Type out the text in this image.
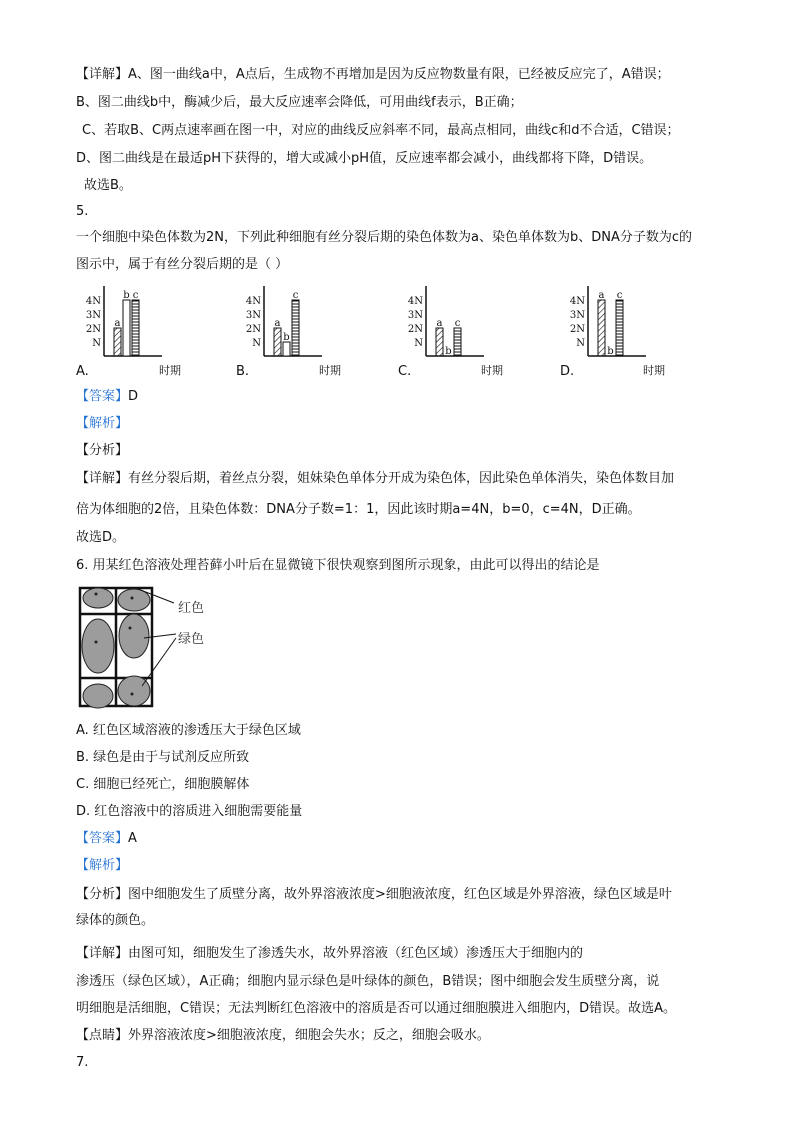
【详解】A、图一曲线a中，A点后，生成物不再增加是因为反应物数量有限，已经被反应完了，A错误；
B、图二曲线b中，酶减少后，最大反应速率会降低，可用曲线f表示，B正确；
C、若取B、C两点速率画在图一中，对应的曲线反应斜率不同，最高点相同，曲线c和d不合适，C错误；
D、图二曲线是在最适pH下获得的，增大或减小pH值，反应速率都会减小，曲线都将下降，D错误。
故选B。
5.
一个细胞中染色体数为2N，下列此种细胞有丝分裂后期的染色体数为a、染色单体数为b、DNA分子数为c的
图示中，属于有丝分裂后期的是（ ）
N
2N
3N
4N
时期
a
b c
N
2N
3N
4N
时期
a
b
c
N
2N
3N
4N
时期
a
b
c
N
2N
3N
4N
时期
a
b
c
A.	B.	C.	D.
【答案】D
【解析】
【分析】
【详解】有丝分裂后期，着丝点分裂，姐妹染色单体分开成为染色体，因此染色单体消失，染色体数目加
倍为体细胞的2倍，且染色体数：DNA分子数=1：1，因此该时期a=4N，b=0，c=4N，D正确。
故选D。
6. 用某红色溶液处理苔藓小叶后在显微镜下很快观察到图所示现象，由此可以得出的结论是
红色
绿色
A. 红色区域溶液的渗透压大于绿色区域
B. 绿色是由于与试剂反应所致
C. 细胞已经死亡，细胞膜解体
D. 红色溶液中的溶质进入细胞需要能量
【答案】A
【解析】
【分析】图中细胞发生了质壁分离，故外界溶液浓度>细胞液浓度，红色区域是外界溶液，绿色区域是叶
绿体的颜色。
【详解】由图可知，细胞发生了渗透失水，故外界溶液（红色区域）渗透压大于细胞内的
渗透压（绿色区域），A正确；细胞内显示绿色是叶绿体的颜色，B错误；图中细胞会发生质壁分离，说
明细胞是活细胞，C错误；无法判断红色溶液中的溶质是否可以通过细胞膜进入细胞内，D错误。故选A。
【点睛】外界溶液浓度>细胞液浓度，细胞会失水；反之，细胞会吸水。
7.
